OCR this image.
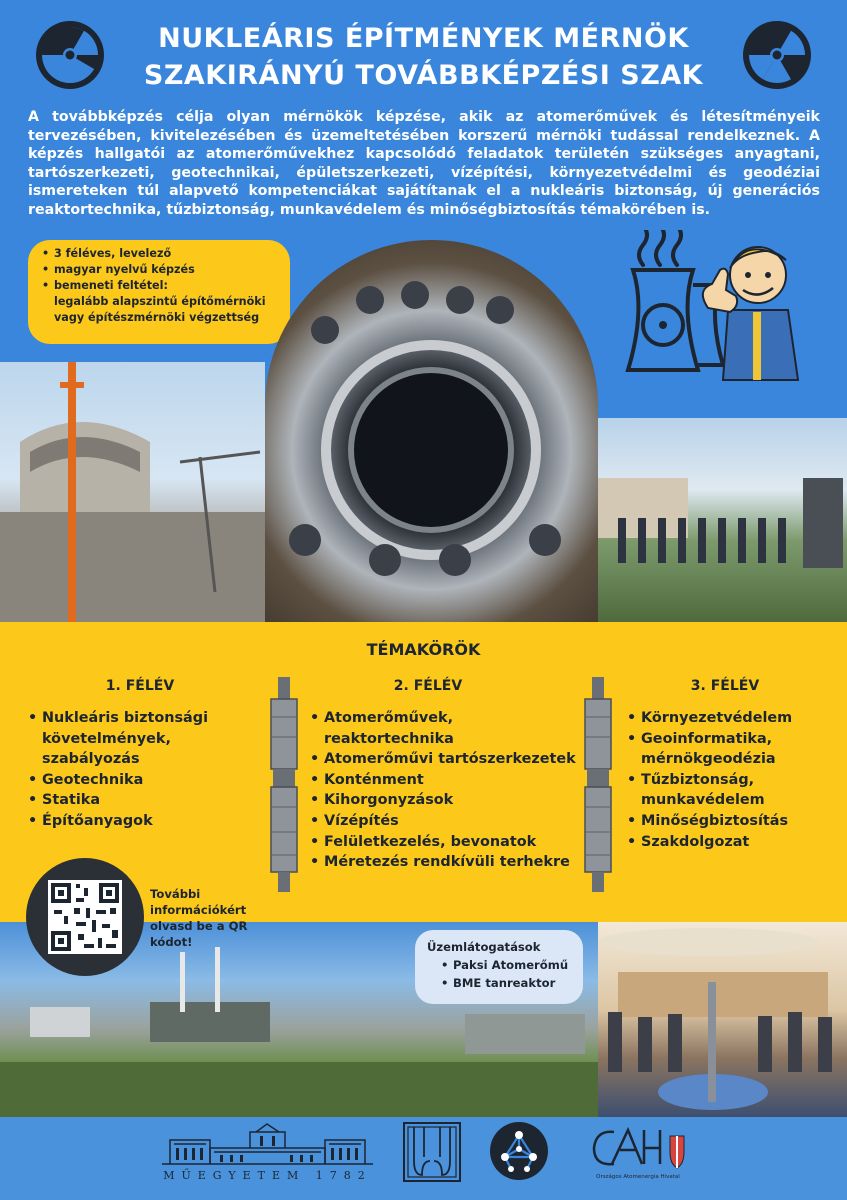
NUKLEÁRIS ÉPÍTMÉNYEK MÉRNÖK
SZAKIRÁNYÚ TOVÁBBKÉPZÉSI SZAK

A továbbképzés célja olyan mérnökök képzése, akik az atomerőművek és létesítményeik tervezésében, kivitelezésében és üzemeltetésében korszerű mérnöki tudással rendelkeznek. A képzés hallgatói az atomerőművekhez kapcsolódó feladatok területén szükséges anyagtani, tartószerkezeti, geotechnikai, épületszerkezeti, vízépítési, környezetvédelmi és geodéziai ismereteken túl alapvető kompetenciákat sajátítanak el a nukleáris biztonság, új generációs reaktortechnika, tűzbiztonság, munkavédelem és minőségbiztosítás témakörében is.

• 3 féléves, levelező
• magyar nyelvű képzés
• bemeneti feltétel:
legalább alapszintű építőmérnöki vagy építészmérnöki végzettség
TÉMAKÖRÖK
1. FÉLÉV
• Nukleáris biztonsági követelmények, szabályozás
• Geotechnika
• Statika
• Építőanyagok
2. FÉLÉV
• Atomerőművek, reaktortechnika
• Atomerőművi tartószerkezetek
• Konténment
• Kihorgonyzások
• Vízépítés
• Felületkezelés, bevonatok
• Méretezés rendkívüli terhekre
3. FÉLÉV
• Környezetvédelem
• Geoinformatika, mérnökgeodézia
• Tűzbiztonság, munkavédelem
• Minőségbiztosítás
• Szakdolgozat
További információkért olvasd be a QR kódot!	Üzemlátogatások
• Paksi Atomerőmű
• BME tanreaktor
MŰEGYETEM 1782	Országos Atomenergia Hivatal
